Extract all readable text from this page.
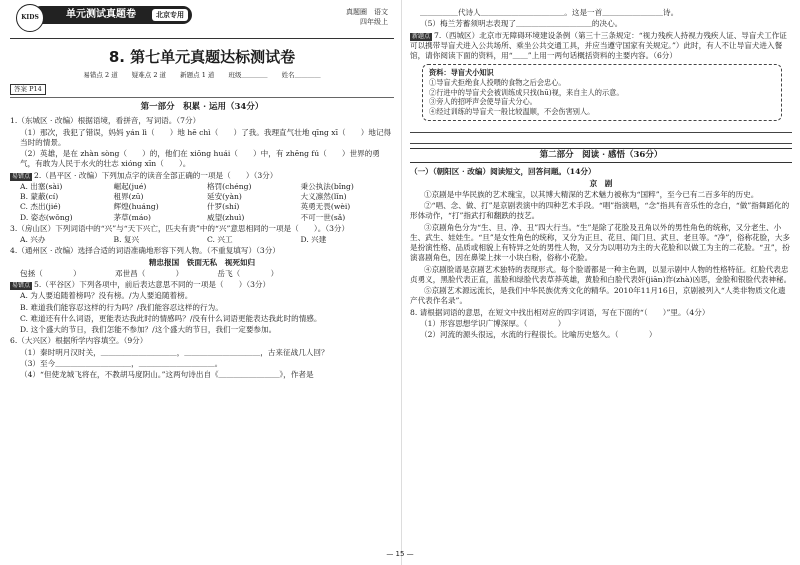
单元测试真题卷	北京专用
KIDS
真题圈　语文
四年级上
8. 第七单元真题达标测试卷
易错点 2 道 疑难点 2 道 新题点 1 道 班级＿＿＿＿ 姓名＿＿＿＿
答案 P14
第一部分　积累 · 运用（34分）
1.（东城区 · 改编）根据语境，看拼音，写词语。（7分）
（1）那次，我犯了错误，妈妈 yán lì（　　）地 hē chì（　　）了我。我理直气壮地 qīng xī（　　）地记得当时的情景。
（2）英雄，是在 zhàn sòng（　　）的，他们在 xiōng huái（　　）中，有 zhēng fú（　　）世界的勇气，有敢为人民于水火的壮志 xióng xīn（　　）。
易错点 2.（昌平区 · 改编）下列加点字的读音全部正确的一项是（　　）（3分）
A. 出塞(sài)	崛起(jué)	格罚(chéng)	秉公执法(bǐng)
B. 蒙蔽(cí)	租界(zū)	延安(yàn)	大义凛然(lǐn)
C. 杰出(jié)	辉煌(huáng)	什罗(shí)	英勇无畏(wèi)
D. 姿态(wǒng)	茅草(máo)	威望(zhuì)	不可一世(sǎ)
3.（房山区）下列词语中的“兴”与“天下兴亡，匹夫有责”中的“兴”意思相同的一项是（　　）。（3分）
A. 兴办	B. 复兴	C. 兴工	D. 兴建
4.（通州区 · 改编）选择合适的词语准确地形容下列人物。（不重复填写）（3分）
精忠报国　铁面无私　视死如归
包拯（　　　　）　　　　　邓世昌（　　　　）　　　　　岳飞（　　　　）
易错点 5.（平谷区）下列各项中，前后表达意思不同的一项是（　　）（3分）
A. 为人要追随着榜吗？没有榜。/为人要追随着榜。
B. 难道我们能容忍这样的行为吗？/我们能容忍这样的行为。
C. 难道还有什么词语，更能表达我此时的情感吗？/没有什么词语更能表达我此时的情感。
D. 这个盛大的节日，我们怎能不参加？/这个盛大的节日，我们一定要参加。
6.（大兴区）根据所学内容填空。（9分）
（1）秦时明月汉时关，＿＿＿＿＿＿＿＿＿＿，＿＿＿＿＿＿＿＿＿＿，古来征战几人回？
（3）至今＿＿＿＿＿＿＿＿＿＿，＿＿＿＿＿＿＿＿＿＿。
（4）“但使龙城飞将在，不教胡马度阴山。”这两句诗出自《＿＿＿＿＿＿＿＿》，作者是
＿＿＿＿＿代诗人＿＿＿＿＿＿＿＿＿＿＿。这是一首＿＿＿＿＿＿＿＿诗。
（5）梅兰芳蓄须明志表现了＿＿＿＿＿＿＿＿＿＿的决心。
新题点 7.（西城区）北京市无障碍环境建设条例（第三十三条规定：“视力残疾人持视力残疾人证、导盲犬工作证可以携带导盲犬进入公共场所、乘坐公共交通工具，并应当遵守国家有关规定。”）此时，有人不让导盲犬进入餐馆，请你阅读下面的资料，用“＿＿”上用一两句话概括资料的主要内容。（6分）
资料：导盲犬小知识
①导盲犬拒绝食人投喂的食物之后会忠心。
②行进中的导盲犬会被训练成只找(hū)视，来自主人的示意。
③旁人的招呼声会使导盲犬分心。
④经过训练的导盲犬一般比较温顺，不会伤害别人。
第二部分　阅读 · 感悟（36分）
（一）（朝阳区 · 改编）阅读短文，回答问题。（14分）
京　剧
①京剧是中华民族的艺术瑰宝，以其博大精深的艺术魅力被称为“国粹”，至今已有二百多年的历史。
②“唱、念、做、打”是京剧表演中的四种艺术手段。“唱”指演唱，“念”指具有音乐性的念白，“做”指舞蹈化的形体动作，“打”指武打和翻跌的技艺。
③京剧角色分为“生、旦、净、丑”四大行当。“生”是除了花脸及丑角以外的男性角色的统称，又分老生、小生、武生、娃娃生。“旦”是女性角色的统称，又分为正旦、花旦、闺门旦、武旦、老旦等。“净”，俗称花脸，大多是扮演性格、品质或相貌上有特异之处的男性人物，又分为以唱功为主的大花脸和以做工为主的二花脸。“丑”，扮演喜剧角色，因在鼻梁上抹一小块白粉，俗称小花脸。
④京剧脸谱是京剧艺术独特的表现形式。每个脸谱都是一种主色调，以显示剧中人物的性格特征。红脸代表忠贞勇义，黑脸代表正直，蓝脸和绿脸代表草莽英雄，黄脸和白脸代表奸(jiān)诈(zhà)凶恶，金脸和银脸代表神秘。
⑤京剧艺术源远流长，是我们中华民族优秀文化的精华。2010年11月16日，京剧被列入“人类非物质文化遗产代表作名录”。
8. 请根据词语的意思，在短文中找出相对应的四字词语，写在下面的“（　　）”里。（4分）
（1）形容思想学识广博深厚。（　　　　）
（2）河流的源头很远，水流的行程很长。比喻历史悠久。（　　　　）
— 15 —
